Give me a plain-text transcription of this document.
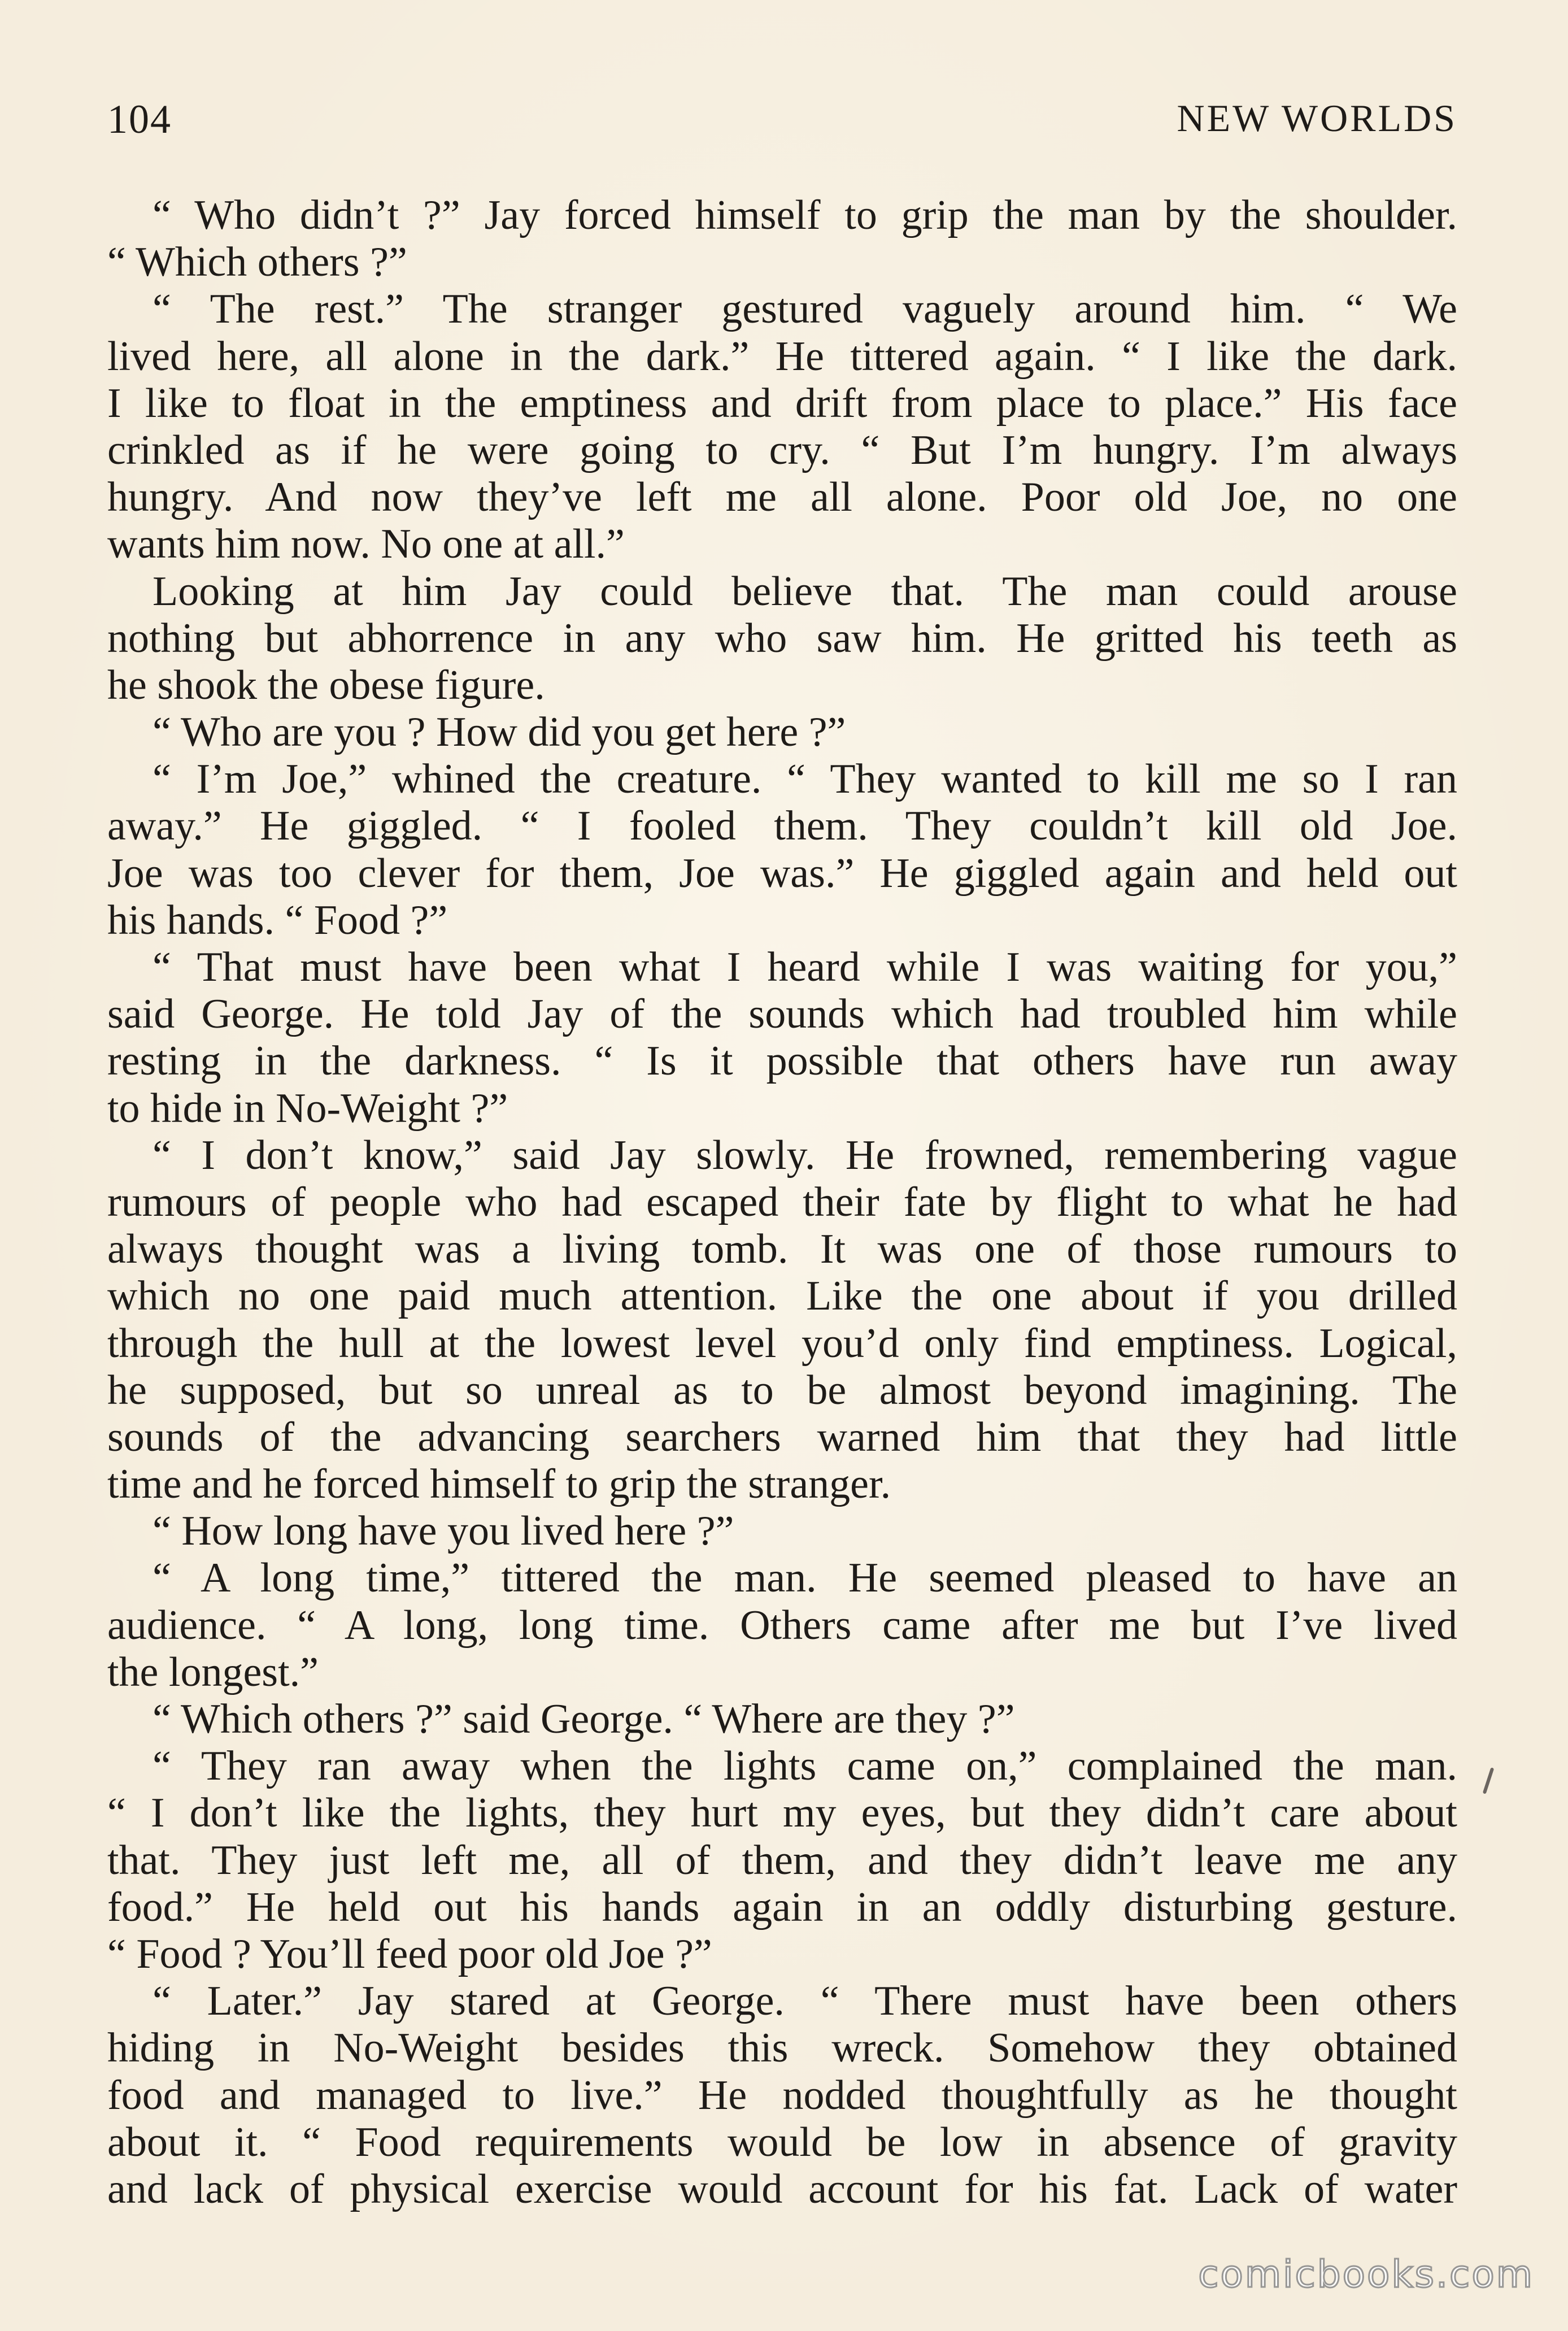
104	NEW WORLDS
“ Who didn’t ?” Jay forced himself to grip the man by the shoulder.
“ Which others ?”
“ The rest.” The stranger gestured vaguely around him. “ We
lived here, all alone in the dark.” He tittered again. “ I like the dark.
I like to float in the emptiness and drift from place to place.” His face
crinkled as if he were going to cry. “ But I’m hungry. I’m always
hungry. And now they’ve left me all alone. Poor old Joe, no one
wants him now. No one at all.”
Looking at him Jay could believe that. The man could arouse
nothing but abhorrence in any who saw him. He gritted his teeth as
he shook the obese figure.
“ Who are you ? How did you get here ?”
“ I’m Joe,” whined the creature. “ They wanted to kill me so I ran
away.” He giggled. “ I fooled them. They couldn’t kill old Joe.
Joe was too clever for them, Joe was.” He giggled again and held out
his hands. “ Food ?”
“ That must have been what I heard while I was waiting for you,”
said George. He told Jay of the sounds which had troubled him while
resting in the darkness. “ Is it possible that others have run away
to hide in No-Weight ?”
“ I don’t know,” said Jay slowly. He frowned, remembering vague
rumours of people who had escaped their fate by flight to what he had
always thought was a living tomb. It was one of those rumours to
which no one paid much attention. Like the one about if you drilled
through the hull at the lowest level you’d only find emptiness. Logical,
he supposed, but so unreal as to be almost beyond imagining. The
sounds of the advancing searchers warned him that they had little
time and he forced himself to grip the stranger.
“ How long have you lived here ?”
“ A long time,” tittered the man. He seemed pleased to have an
audience. “ A long, long time. Others came after me but I’ve lived
the longest.”
“ Which others ?” said George. “ Where are they ?”
“ They ran away when the lights came on,” complained the man.
“ I don’t like the lights, they hurt my eyes, but they didn’t care about
that. They just left me, all of them, and they didn’t leave me any
food.” He held out his hands again in an oddly disturbing gesture.
“ Food ? You’ll feed poor old Joe ?”
“ Later.” Jay stared at George. “ There must have been others
hiding in No-Weight besides this wreck. Somehow they obtained
food and managed to live.” He nodded thoughtfully as he thought
about it. “ Food requirements would be low in absence of gravity
and lack of physical exercise would account for his fat. Lack of water
comicbooks.com
